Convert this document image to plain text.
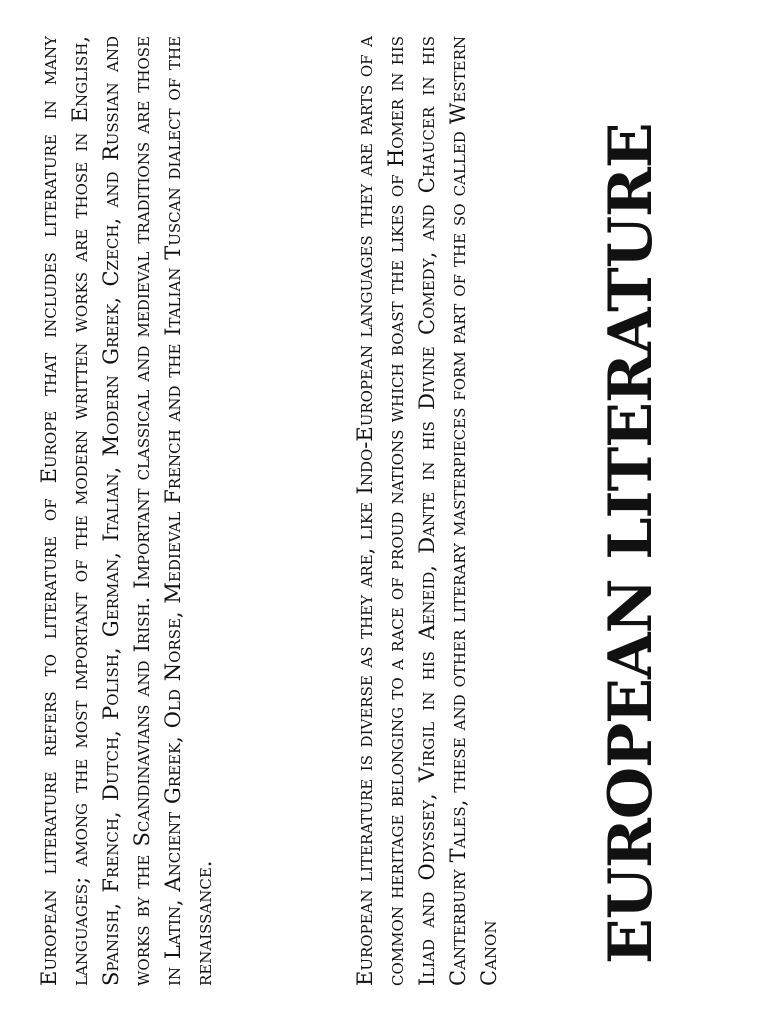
European literature refers to literature of Europe that includes literature in many languages; among the most important of the modern written works are those in English, Spanish, French, Dutch, Polish, German, Italian, Modern Greek, Czech, and Russian and works by the Scandinavians and Irish. Important classical and medieval traditions are those in Latin, Ancient Greek, Old Norse, Medieval French and the Italian Tuscan dialect of the renaissance.	European literature is diverse as they are, like Indo-European languages they are parts of a common heritage belonging to a race of proud nations which boast the likes of Homer in his Iliad and Odyssey, Virgil in his Aeneid, Dante in his Divine Comedy, and Chaucer in his Canterbury Tales, these and other literary masterpieces form part of the so called Western Canon EUROPEAN LITERATURE
